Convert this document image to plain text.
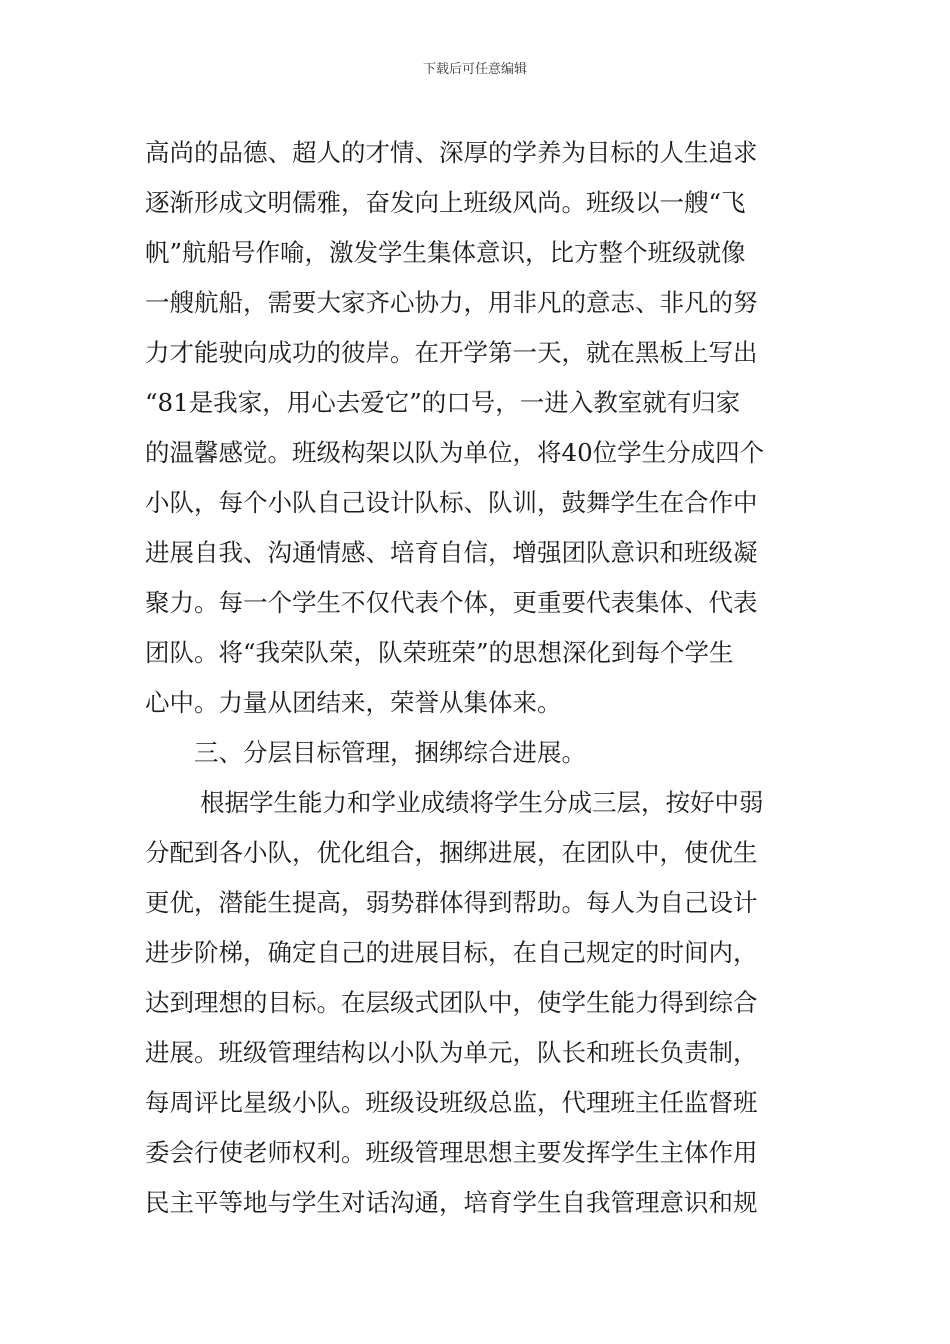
下载后可任意编辑
高尚的品德、超人的才情、深厚的学养为目标的人生追求
逐渐形成文明儒雅，奋发向上班级风尚。班级以一艘“飞
帆”航船号作喻，激发学生集体意识，比方整个班级就像
一艘航船，需要大家齐心协力，用非凡的意志、非凡的努
力才能驶向成功的彼岸。在开学第一天，就在黑板上写出
“81是我家，用心去爱它”的口号，一进入教室就有归家
的温馨感觉。班级构架以队为单位，将40位学生分成四个
小队，每个小队自己设计队标、队训，鼓舞学生在合作中
进展自我、沟通情感、培育自信，增强团队意识和班级凝
聚力。每一个学生不仅代表个体，更重要代表集体、代表
团队。将“我荣队荣，队荣班荣”的思想深化到每个学生
心中。力量从团结来，荣誉从集体来。
三、分层目标管理，捆绑综合进展。
根据学生能力和学业成绩将学生分成三层，按好中弱
分配到各小队，优化组合，捆绑进展，在团队中，使优生
更优，潜能生提高，弱势群体得到帮助。每人为自己设计
进步阶梯，确定自己的进展目标，在自己规定的时间内，
达到理想的目标。在层级式团队中，使学生能力得到综合
进展。班级管理结构以小队为单元，队长和班长负责制，
每周评比星级小队。班级设班级总监，代理班主任监督班
委会行使老师权利。班级管理思想主要发挥学生主体作用
民主平等地与学生对话沟通，培育学生自我管理意识和规
